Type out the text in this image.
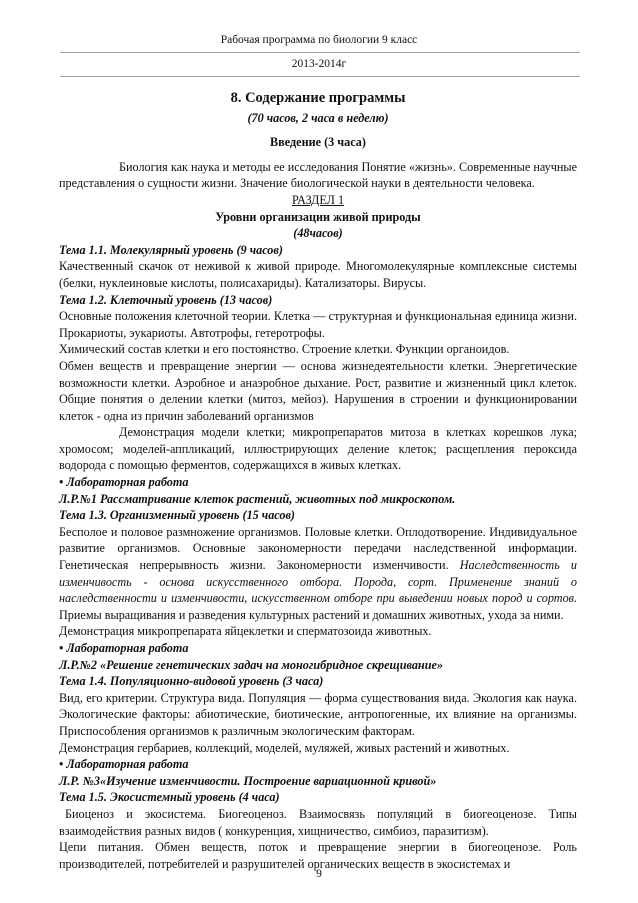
Рабочая программа по биологии 9 класс
2013-2014г

8. Содержание программы

(70 часов, 2 часа в неделю)

Введение (3 часа)

Биология как наука и методы ее исследования Понятие «жизнь». Современные научные представления о сущности жизни. Значение биологической науки в деятельности человека.

РАЗДЕЛ 1

Уровни организации живой природы

(48часов)

Тема 1.1. Молекулярный уровень (9 часов)

Качественный скачок от неживой к живой природе. Многомолекулярные комплексные системы (белки, нуклеиновые кислоты, полисахариды). Катализаторы. Вирусы.

Тема 1.2. Клеточный уровень (13 часов)

Основные положения клеточной теории. Клетка — структурная и функциональная единица жизни. Прокариоты, эукариоты. Автотрофы, гетеротрофы.

Химический состав клетки и его постоянство. Строение клетки. Функции органоидов.

Обмен веществ и превращение энергии — основа жизнедеятельности клетки. Энергетические возможности клетки. Аэробное и анаэробное дыхание. Рост, развитие и жизненный цикл клеток. Общие понятия о делении клетки (митоз, мейоз). Нарушения в строении и функционировании клеток - одна из причин заболеваний организмов

Демонстрация модели клетки; микропрепаратов митоза в клетках корешков лука; хромосом; моделей-аппликаций, иллюстрирующих деление клеток; расщепления пероксида водорода с помощью ферментов, содержащихся в живых клетках.

• Лабораторная работа

Л.Р.№1 Рассматривание клеток растений, животных под микроскопом.

Тема 1.3. Организменный уровень (15 часов)

Бесполое и половое размножение организмов. Половые клетки. Оплодотворение. Индивидуальное развитие организмов. Основные закономерности передачи наследственной информации. Генетическая непрерывность жизни. Закономерности изменчивости. Наследственность и изменчивость - основа искусственного отбора. Порода, сорт. Применение знаний о наследственности и изменчивости, искусственном отборе при выведении новых пород и сортов. Приемы выращивания и разведения культурных растений и домашних животных, ухода за ними.

Демонстрация микропрепарата яйцеклетки и сперматозоида животных.

• Лабораторная работа

Л.Р.№2 «Решение генетических задач на моногибридное скрещивание»

Тема 1.4. Популяционно-видовой уровень (3 часа)

Вид, его критерии. Структура вида. Популяция — форма существования вида. Экология как наука. Экологические факторы: абиотические, биотические, антропогенные, их влияние на организмы. Приспособления организмов к различным экологическим факторам.

Демонстрация гербариев, коллекций, моделей, муляжей, живых растений и животных.

• Лабораторная работа

Л.Р. №3«Изучение изменчивости. Построение вариационной кривой»

Тема 1.5. Экосистемный уровень (4 часа)

Биоценоз и экосистема. Биогеоценоз. Взаимосвязь популяций в биогеоценозе. Типы взаимодействия разных видов ( конкуренция, хищничество, симбиоз, паразитизм).

Цепи питания. Обмен веществ, поток и превращение энергии в биогеоценозе. Роль производителей, потребителей и разрушителей органических веществ в экосистемах и

9
